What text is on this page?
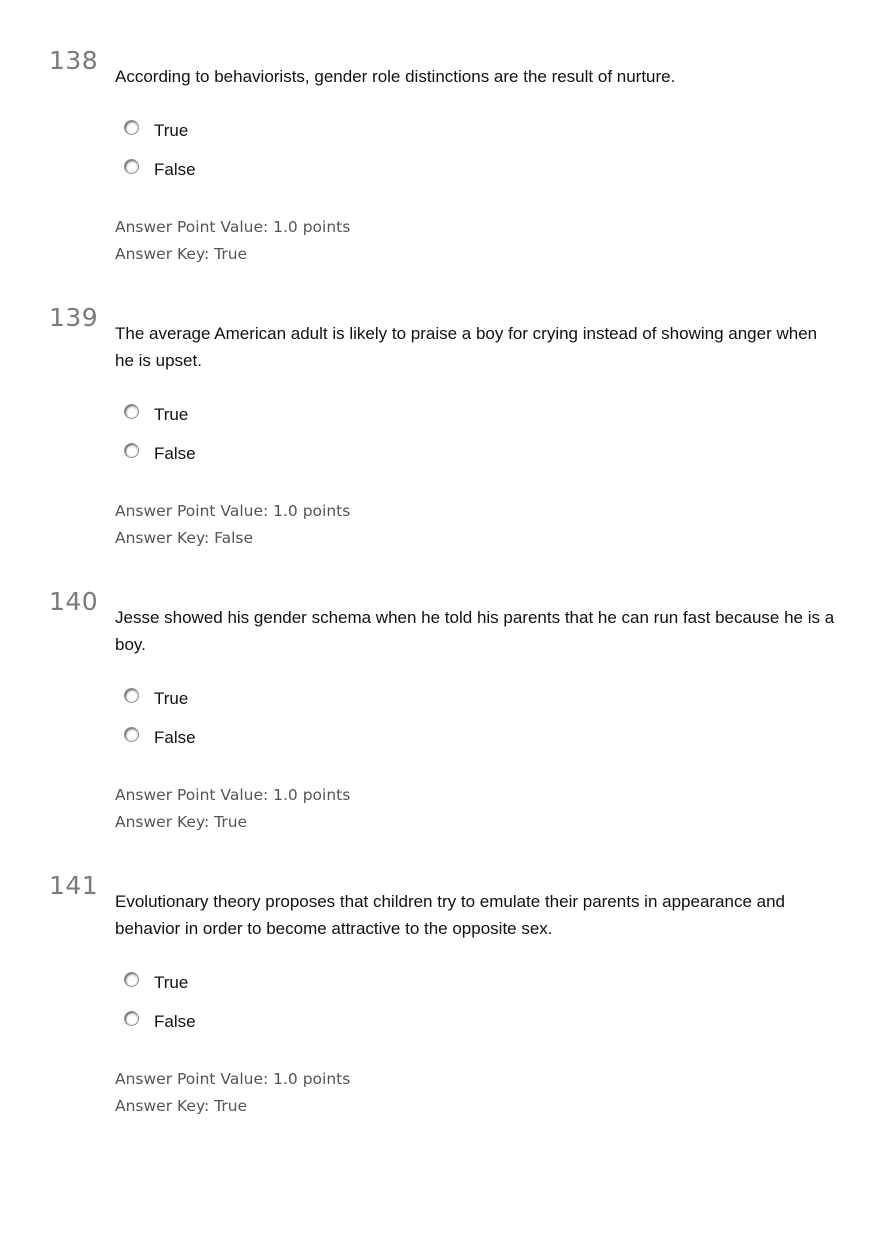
138
According to behaviorists, gender role distinctions are the result of nurture.
True
False
Answer Point Value: 1.0 points
Answer Key: True
139
The average American adult is likely to praise a boy for crying instead of showing anger when he is upset.
True
False
Answer Point Value: 1.0 points
Answer Key: False
140
Jesse showed his gender schema when he told his parents that he can run fast because he is a boy.
True
False
Answer Point Value: 1.0 points
Answer Key: True
141
Evolutionary theory proposes that children try to emulate their parents in appearance and behavior in order to become attractive to the opposite sex.
True
False
Answer Point Value: 1.0 points
Answer Key: True
